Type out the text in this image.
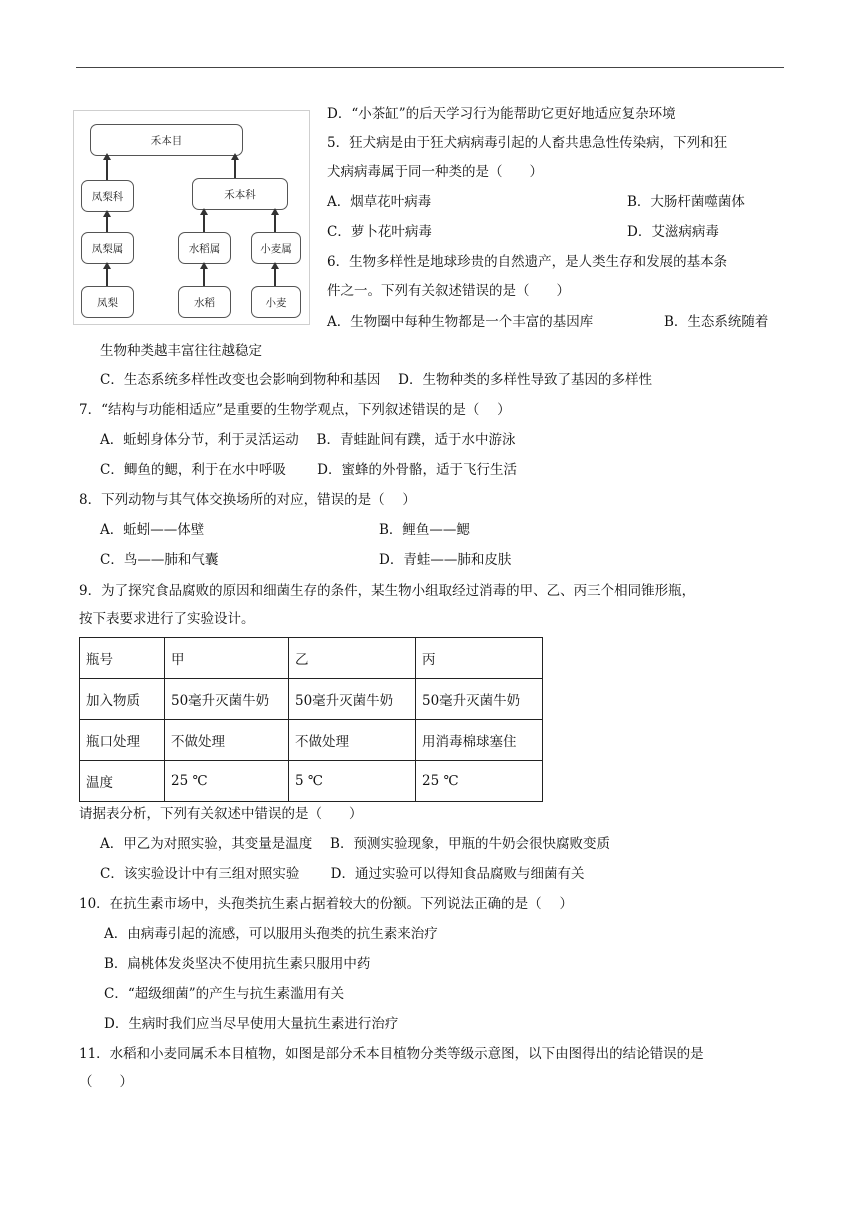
禾本目
凤梨科	禾本科
凤梨属	水稻属	小麦属
凤梨	水稻	小麦
D．“小茶缸”的后天学习行为能帮助它更好地适应复杂环境
5．狂犬病是由于狂犬病病毒引起的人畜共患急性传染病，下列和狂
犬病病毒属于同一种类的是（　　）
A．烟草花叶病毒	B．大肠杆菌噬菌体
C．萝卜花叶病毒	D．艾滋病病毒
6．生物多样性是地球珍贵的自然遗产，是人类生存和发展的基本条
件之一。下列有关叙述错误的是（　　）
A．生物圈中每种生物都是一个丰富的基因库	B．生态系统随着
生物种类越丰富往往越稳定
C．生态系统多样性改变也会影响到物种和基因　 D．生物种类的多样性导致了基因的多样性
7．“结构与功能相适应”是重要的生物学观点，下列叙述错误的是（　 ）
A．蚯蚓身体分节，利于灵活运动　 B．青蛙趾间有蹼，适于水中游泳
C．鲫鱼的鳃，利于在水中呼吸　　 D．蜜蜂的外骨骼，适于飞行生活
8．下列动物与其气体交换场所的对应，错误的是（　 ）
A．蚯蚓——体壁	B．鲤鱼——鳃
C．鸟——肺和气囊	D．青蛙——肺和皮肤
9．为了探究食品腐败的原因和细菌生存的条件，某生物小组取经过消毒的甲、乙、丙三个相同锥形瓶，
按下表要求进行了实验设计。
瓶号	甲	乙	丙
加入物质	50毫升灭菌牛奶	50毫升灭菌牛奶	50毫升灭菌牛奶
瓶口处理	不做处理	不做处理	用消毒棉球塞住
温度	25 ℃	5 ℃	25 ℃
请据表分析，下列有关叙述中错误的是（　　）
A．甲乙为对照实验，其变量是温度　 B．预测实验现象，甲瓶的牛奶会很快腐败变质
C．该实验设计中有三组对照实验　　 D．通过实验可以得知食品腐败与细菌有关
10．在抗生素市场中，头孢类抗生素占据着较大的份额。下列说法正确的是（　 ）
A．由病毒引起的流感，可以服用头孢类的抗生素来治疗
B．扁桃体发炎坚决不使用抗生素只服用中药
C．“超级细菌”的产生与抗生素滥用有关
D．生病时我们应当尽早使用大量抗生素进行治疗
11．水稻和小麦同属禾本目植物，如图是部分禾本目植物分类等级示意图，以下由图得出的结论错误的是
（　　）
